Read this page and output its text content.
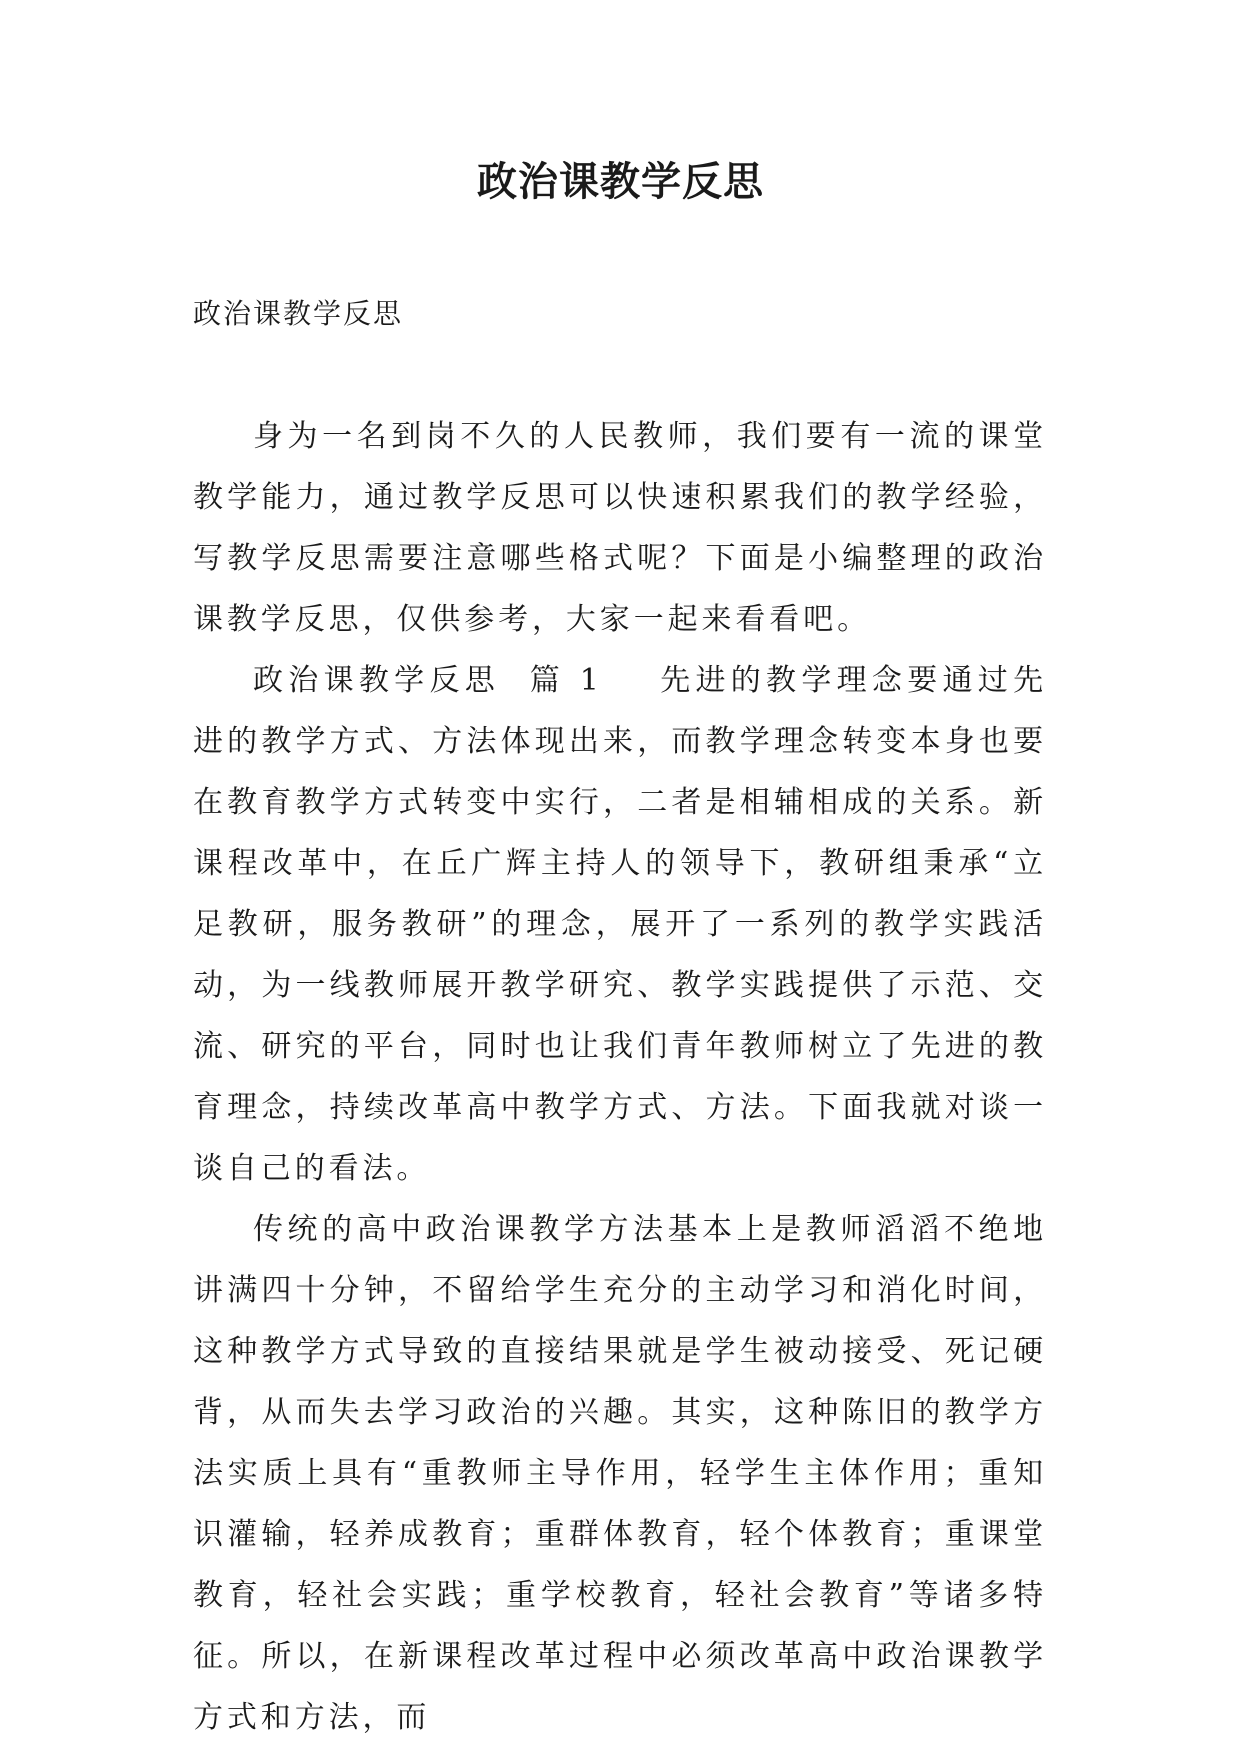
政治课教学反思
政治课教学反思

身为一名到岗不久的人民教师，我们要有一流的课堂教学能力，通过教学反思可以快速积累我们的教学经验，写教学反思需要注意哪些格式呢？下面是小编整理的政治课教学反思，仅供参考，大家一起来看看吧。

政治课教学反思  篇 1 先进的教学理念要通过先进的教学方式、方法体现出来，而教学理念转变本身也要在教育教学方式转变中实行，二者是相辅相成的关系。新课程改革中，在丘广辉主持人的领导下，教研组秉承“立足教研，服务教研”的理念，展开了一系列的教学实践活动，为一线教师展开教学研究、教学实践提供了示范、交流、研究的平台，同时也让我们青年教师树立了先进的教育理念，持续改革高中教学方式、方法。下面我就对谈一谈自己的看法。

传统的高中政治课教学方法基本上是教师滔滔不绝地讲满四十分钟，不留给学生充分的主动学习和消化时间，这种教学方式导致的直接结果就是学生被动接受、死记硬背，从而失去学习政治的兴趣。其实，这种陈旧的教学方法实质上具有“重教师主导作用，轻学生主体作用；重知识灌输，轻养成教育；重群体教育，轻个体教育；重课堂教育，轻社会实践；重学校教育，轻社会教育”等诸多特征。所以，在新课程改革过程中必须改革高中政治课教学方式和方法，而
